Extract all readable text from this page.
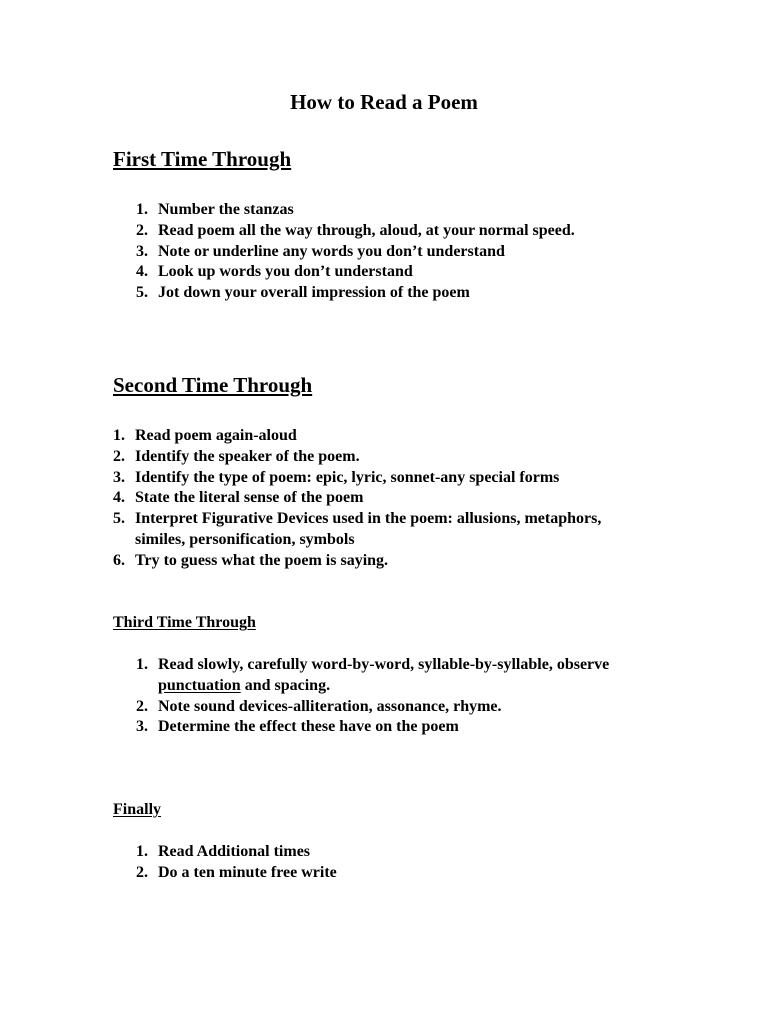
How to Read a Poem
First Time Through
1. Number the stanzas
2. Read poem all the way through, aloud, at your normal speed.
3. Note or underline any words you don’t understand
4. Look up words you don’t understand
5. Jot down your overall impression of the poem
Second Time Through
1. Read poem again-aloud
2. Identify the speaker of the poem.
3. Identify the type of poem: epic, lyric, sonnet-any special forms
4. State the literal sense of the poem
5. Interpret Figurative Devices used in the poem: allusions, metaphors,
similes, personification, symbols
6. Try to guess what the poem is saying.
Third Time Through
1. Read slowly, carefully word-by-word, syllable-by-syllable, observe
punctuation and spacing.
2. Note sound devices-alliteration, assonance, rhyme.
3. Determine the effect these have on the poem
Finally
1. Read Additional times
2. Do a ten minute free write
